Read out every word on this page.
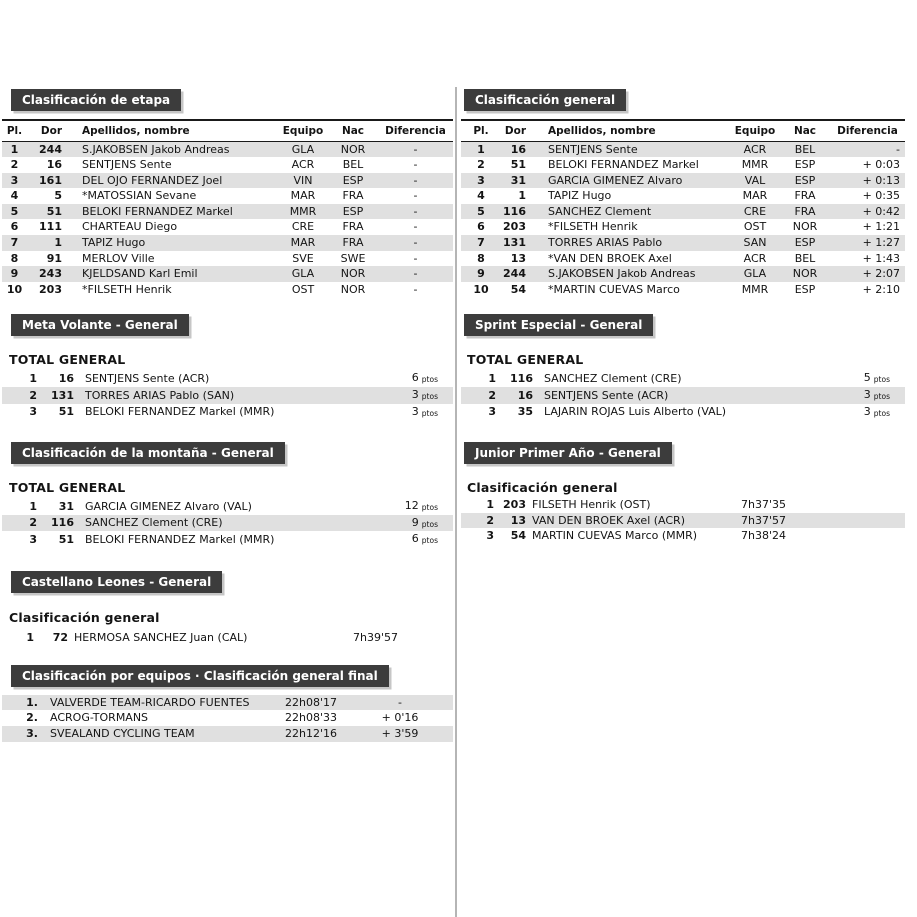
Clasificación de etapa
Pl.	Dor	Apellidos, nombre	Equipo	Nac	Diferencia
1	244	S.JAKOBSEN Jakob Andreas	GLA	NOR	-
2	16	SENTJENS Sente	ACR	BEL	-
3	161	DEL OJO FERNANDEZ Joel	VIN	ESP	-
4	5	*MATOSSIAN Sevane	MAR	FRA	-
5	51	BELOKI FERNANDEZ Markel	MMR	ESP	-
6	111	CHARTEAU Diego	CRE	FRA	-
7	1	TAPIZ Hugo	MAR	FRA	-
8	91	MERLOV Ville	SVE	SWE	-
9	243	KJELDSAND Karl Emil	GLA	NOR	-
10	203	*FILSETH Henrik	OST	NOR	-
Meta Volante - General
TOTAL GENERAL
1	16	SENTJENS Sente (ACR)	6 ptos
2	131	TORRES ARIAS Pablo (SAN)	3 ptos
3	51	BELOKI FERNANDEZ Markel (MMR)	3 ptos
Clasificación de la montaña - General
TOTAL GENERAL
1	31	GARCIA GIMENEZ Alvaro (VAL)	12 ptos
2	116	SANCHEZ Clement (CRE)	9 ptos
3	51	BELOKI FERNANDEZ Markel (MMR)	6 ptos
Castellano Leones - General
Clasificación general
1	72	HERMOSA SANCHEZ Juan (CAL)	7h39'57
Clasificación por equipos · Clasificación general final
1.	VALVERDE TEAM-RICARDO FUENTES	22h08'17	-
2.	ACROG-TORMANS	22h08'33	+ 0'16
3.	SVEALAND CYCLING TEAM	22h12'16	+ 3'59
Clasificación general
Pl.	Dor	Apellidos, nombre	Equipo	Nac	Diferencia
1	16	SENTJENS Sente	ACR	BEL	-
2	51	BELOKI FERNANDEZ Markel	MMR	ESP	+ 0:03
3	31	GARCIA GIMENEZ Alvaro	VAL	ESP	+ 0:13
4	1	TAPIZ Hugo	MAR	FRA	+ 0:35
5	116	SANCHEZ Clement	CRE	FRA	+ 0:42
6	203	*FILSETH Henrik	OST	NOR	+ 1:21
7	131	TORRES ARIAS Pablo	SAN	ESP	+ 1:27
8	13	*VAN DEN BROEK Axel	ACR	BEL	+ 1:43
9	244	S.JAKOBSEN Jakob Andreas	GLA	NOR	+ 2:07
10	54	*MARTIN CUEVAS Marco	MMR	ESP	+ 2:10
Sprint Especial - General
TOTAL GENERAL
1	116	SANCHEZ Clement (CRE)	5 ptos
2	16	SENTJENS Sente (ACR)	3 ptos
3	35	LAJARIN ROJAS Luis Alberto (VAL)	3 ptos
Junior Primer Año - General
Clasificación general
1	203	FILSETH Henrik (OST)	7h37'35
2	13	VAN DEN BROEK Axel (ACR)	7h37'57
3	54	MARTIN CUEVAS Marco (MMR)	7h38'24
